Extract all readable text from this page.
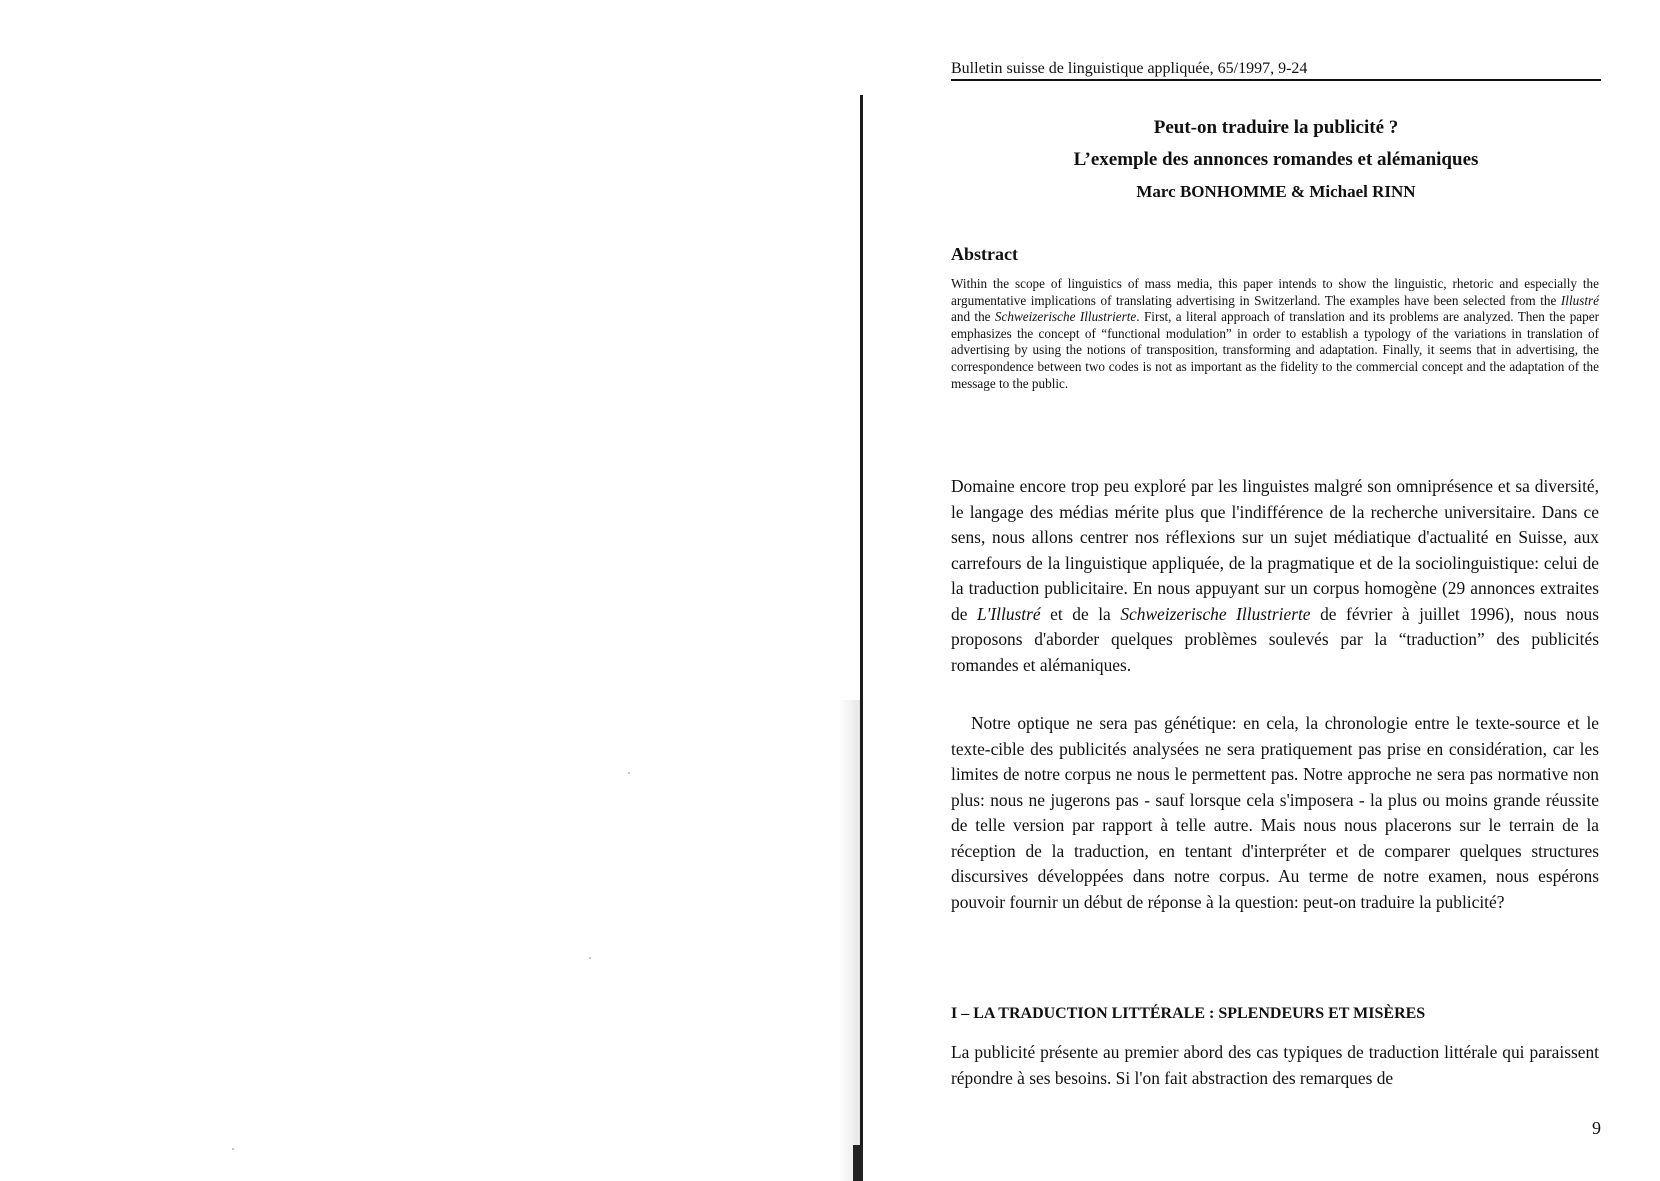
Bulletin suisse de linguistique appliquée, 65/1997, 9-24

Peut-on traduire la publicité ?

L’exemple des annonces romandes et alémaniques

Marc BONHOMME & Michael RINN

Abstract

Within the scope of linguistics of mass media, this paper intends to show the linguistic, rhetoric and especially the argumentative implications of translating advertising in Switzerland. The examples have been selected from the Illustré and the Schweizerische Illustrierte. First, a literal approach of translation and its problems are analyzed. Then the paper emphasizes the concept of “functional modulation” in order to establish a typology of the variations in translation of advertising by using the notions of transposition, transforming and adaptation. Finally, it seems that in advertising, the correspondence between two codes is not as important as the fidelity to the commercial concept and the adaptation of the message to the public.

Domaine encore trop peu exploré par les linguistes malgré son omniprésence et sa diversité, le langage des médias mérite plus que l'indifférence de la recherche universitaire. Dans ce sens, nous allons centrer nos réflexions sur un sujet médiatique d'actualité en Suisse, aux carrefours de la linguistique appliquée, de la pragmatique et de la sociolinguistique: celui de la traduction publicitaire. En nous appuyant sur un corpus homogène (29 annonces extraites de L'Illustré et de la Schweizerische Illustrierte de février à juillet 1996), nous nous proposons d'aborder quelques problèmes soulevés par la “traduction” des publicités romandes et alémaniques.

Notre optique ne sera pas génétique: en cela, la chronologie entre le texte-source et le texte-cible des publicités analysées ne sera pratiquement pas prise en considération, car les limites de notre corpus ne nous le permettent pas. Notre approche ne sera pas normative non plus: nous ne jugerons pas - sauf lorsque cela s'imposera - la plus ou moins grande réussite de telle version par rapport à telle autre. Mais nous nous placerons sur le terrain de la réception de la traduction, en tentant d'interpréter et de comparer quelques structures discursives développées dans notre corpus. Au terme de notre examen, nous espérons pouvoir fournir un début de réponse à la question: peut-on traduire la publicité?

I – LA TRADUCTION LITTÉRALE : SPLENDEURS ET MISÈRES

La publicité présente au premier abord des cas typiques de traduction littérale qui paraissent répondre à ses besoins. Si l'on fait abstraction des remarques de

9
